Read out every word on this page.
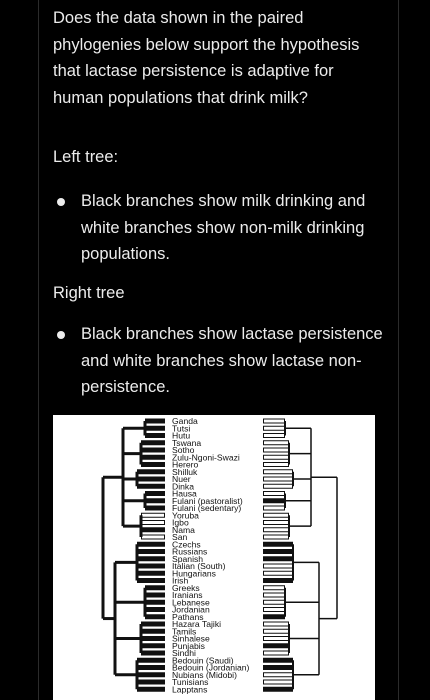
Does the data shown in the paired phylogenies below support the hypothesis that lactase persistence is adaptive for human populations that drink milk?

Left tree:
Black branches show milk drinking and white branches show non-milk drinking populations.
Right tree
Black branches show lactase persistence and white branches show lactase non-persistence.
Ganda
Tutsi
Hutu
Tswana
Sotho
Zulu-Ngoni-Swazi
Herero
Shilluk
Nuer
Dinka
Hausa
Fulani (pastoralist)
Fulani (sedentary)
Yoruba
Igbo
Nama
San
Czechs
Russians
Spanish
Italian (South)
Hungarians
Irish
Greeks
Iranians
Lebanese
Jordanian
Pathans
Hazara Tajiki
Tamils
Sinhalese
Punjabis
Sindhi
Bedouin (Saudi)
Bedouin (Jordanian)
Nubians (Midobi)
Tunisians
Lapptans
